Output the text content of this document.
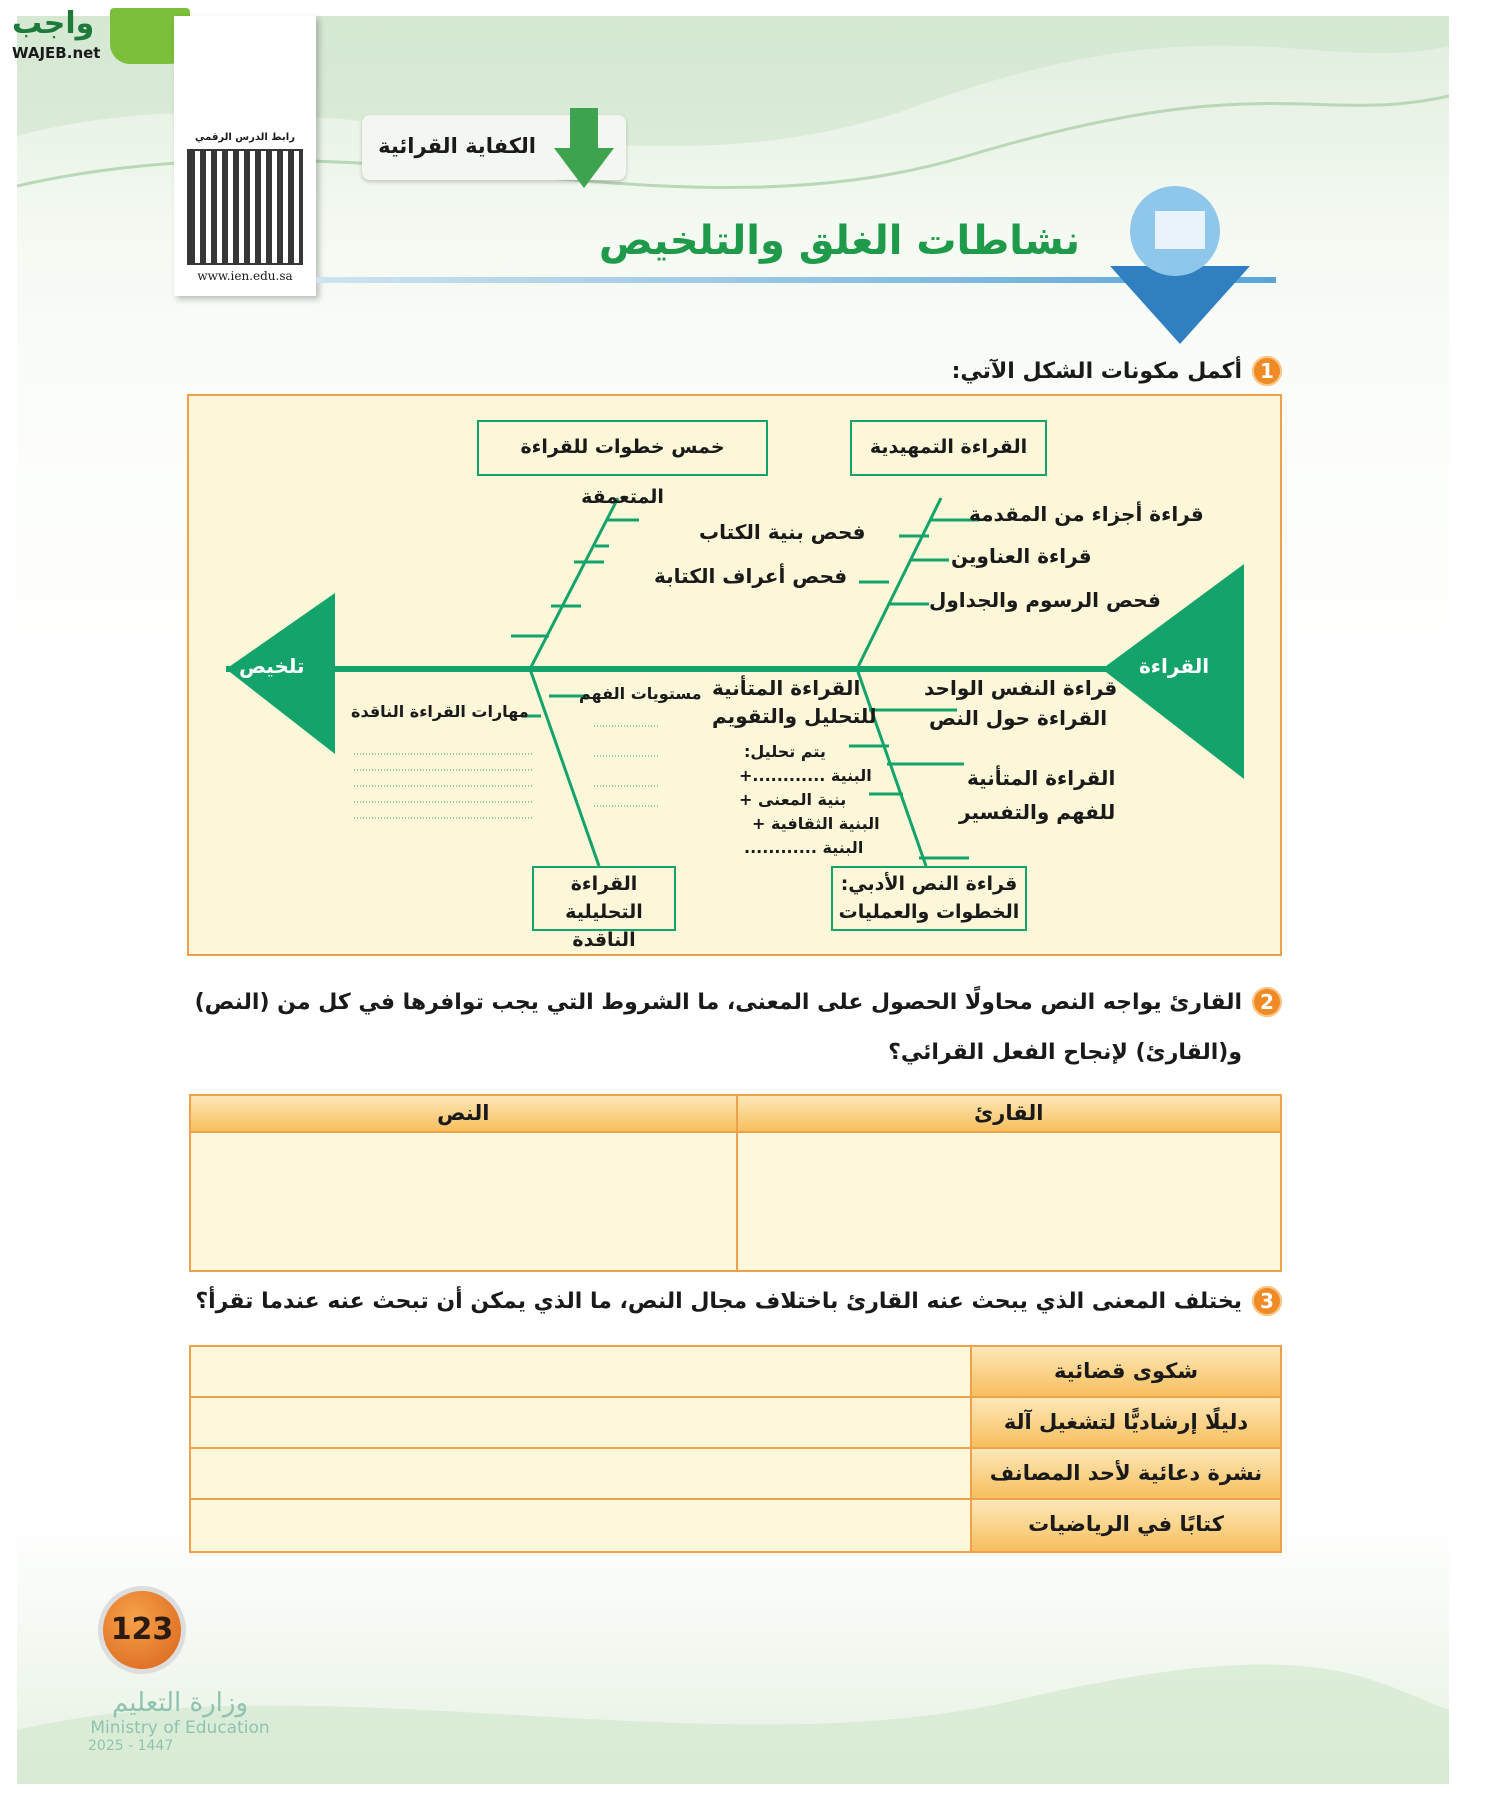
واجب
WAJEB.net
رابط الدرس الرقمي
www.ien.edu.sa
الكفاية القرائية
نشاطات الغلق والتلخيص
1أكمل مكونات الشكل الآتي:
تلخيص	القراءة
خمس خطوات للقراءة المتعمقة
القراءة التمهيدية
القراءة التحليلية
الناقدة
قراءة النص الأدبي:
الخطوات والعمليات
قراءة أجزاء من المقدمة
قراءة العناوين
فحص الرسوم والجداول
فحص بنية الكتاب
فحص أعراف الكتابة
قراءة النفس الواحد
القراءة حول النص
القراءة المتأنية
للفهم والتفسير
القراءة المتأنية
للتحليل والتقويم
يتم تحليل:
البنية ............+
بنية المعنى +
البنية الثقافية +
البنية ............
مستويات الفهم
مهارات القراءة الناقدة
2القارئ يواجه النص محاولًا الحصول على المعنى، ما الشروط التي يجب توافرها في كل من (النص)
و(القارئ) لإنجاح الفعل القرائي؟
القارئ
النص
3يختلف المعنى الذي يبحث عنه القارئ باختلاف مجال النص، ما الذي يمكن أن تبحث عنه عندما تقرأ؟
شكوى قضائية
دليلًا إرشاديًّا لتشغيل آلة
نشرة دعائية لأحد المصانف
كتابًا في الرياضيات
123
وزارة التعليم
Ministry of Education
2025 - 1447
